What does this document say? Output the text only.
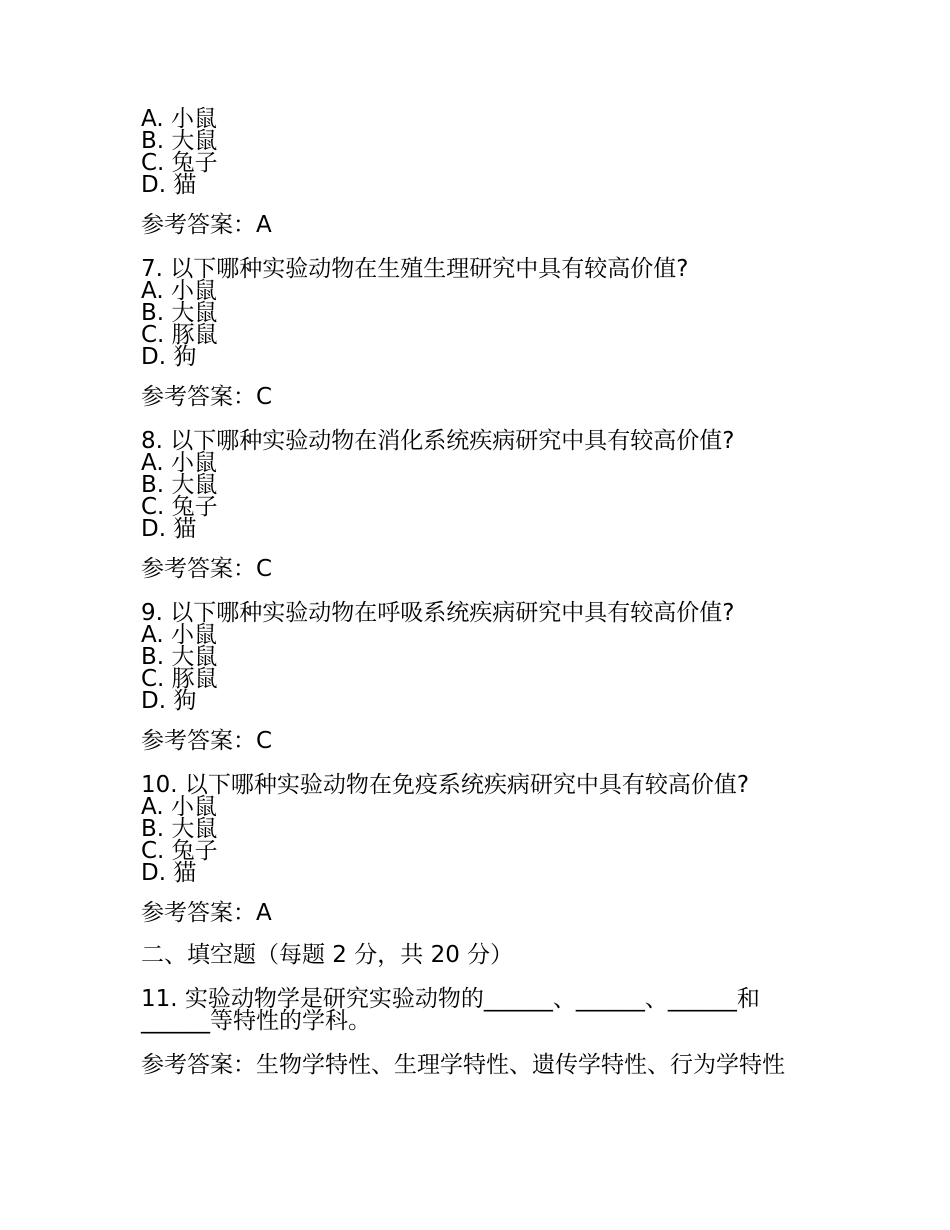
A. 小鼠
B. 大鼠
C. 兔子
D. 猫
参考答案：A
7. 以下哪种实验动物在生殖生理研究中具有较高价值?
A. 小鼠
B. 大鼠
C. 豚鼠
D. 狗
参考答案：C
8. 以下哪种实验动物在消化系统疾病研究中具有较高价值?
A. 小鼠
B. 大鼠
C. 兔子
D. 猫
参考答案：C
9. 以下哪种实验动物在呼吸系统疾病研究中具有较高价值?
A. 小鼠
B. 大鼠
C. 豚鼠
D. 狗
参考答案：C
10. 以下哪种实验动物在免疫系统疾病研究中具有较高价值?
A. 小鼠
B. 大鼠
C. 兔子
D. 猫
参考答案：A
二、填空题（每题 2 分，共 20 分）
11. 实验动物学是研究实验动物的______、______、______和______等特性的学科。
参考答案：生物学特性、生理学特性、遗传学特性、行为学特性
